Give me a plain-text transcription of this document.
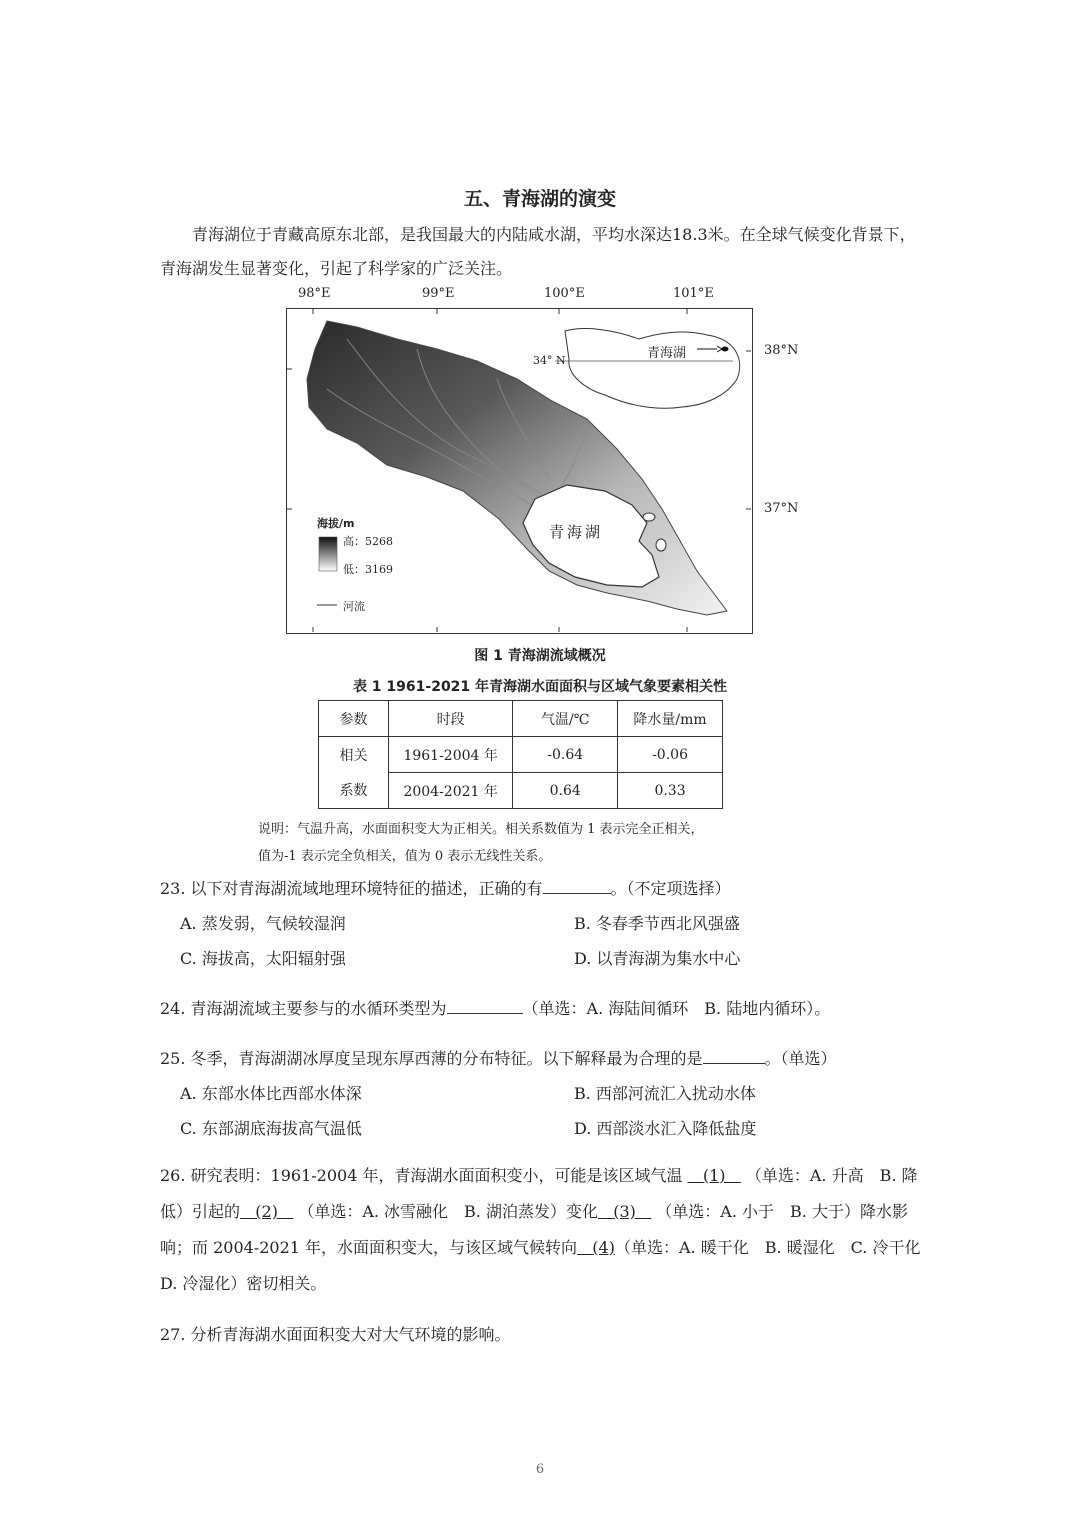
五、青海湖的演变
青海湖位于青藏高原东北部，是我国最大的内陆咸水湖，平均水深达18.3米。在全球气候变化背景下，青海湖发生显著变化，引起了科学家的广泛关注。
98°E	99°E	100°E	101°E
青海湖
青海湖
34° N
海拔/m
高：5268
低：3169
河流
38°N
37°N
图 1 青海湖流域概况
表 1 1961-2021 年青海湖水面面积与区域气象要素相关性
参数	时段	气温/℃	降水量/mm
相关	1961-2004 年	-0.64	-0.06
系数	2004-2021 年	0.64	0.33
说明：气温升高，水面面积变大为正相关。相关系数值为 1 表示完全正相关，
值为-1 表示完全负相关，值为 0 表示无线性关系。
23. 以下对青海湖流域地理环境特征的描述，正确的有	。（不定项选择）
A. 蒸发弱，气候较湿润	B. 冬春季节西北风强盛
C. 海拔高，太阳辐射强	D. 以青海湖为集水中心
24. 青海湖流域主要参与的水循环类型为	（单选：A. 海陆间循环　B. 陆地内循环）。
25. 冬季，青海湖湖冰厚度呈现东厚西薄的分布特征。以下解释最为合理的是	。（单选）
A. 东部水体比西部水体深	B. 西部河流汇入扰动水体
C. 东部湖底海拔高气温低	D. 西部淡水汇入降低盐度
26. 研究表明：1961-2004 年，青海湖水面面积变小，可能是该区域气温 (1) （单选：A. 升高　B. 降低）引起的 (2) （单选：A. 冰雪融化　B. 湖泊蒸发）变化 (3) （单选：A. 小于　B. 大于）降水影响；而 2004-2021 年，水面面积变大，与该区域气候转向 (4)（单选：A. 暖干化　B. 暖湿化　C. 冷干化　D. 冷湿化）密切相关。
27. 分析青海湖水面面积变大对大气环境的影响。
6
